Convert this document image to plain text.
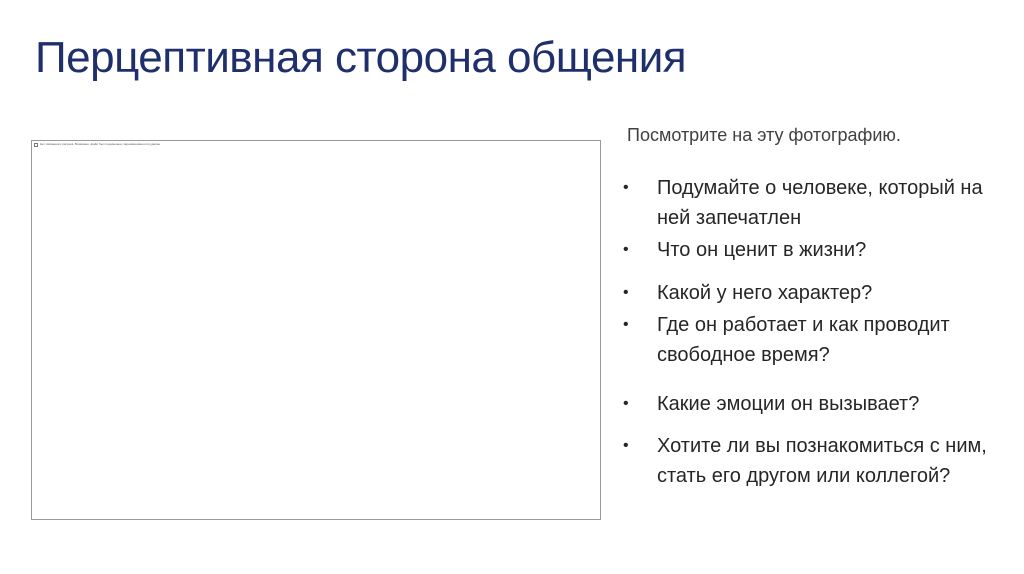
Перцептивная сторона общения
Нет связанного рисунка. Возможно, файл был перемещен, переименован или удален	Посмотрите на эту фотографию.

• Подумайте о человеке, который на ней запечатлен
• Что он ценит в жизни?
• Какой у него характер?
• Где он работает и как проводит свободное время?
• Какие эмоции он вызывает?
• Хотите ли вы познакомиться с ним, стать его другом или коллегой?
